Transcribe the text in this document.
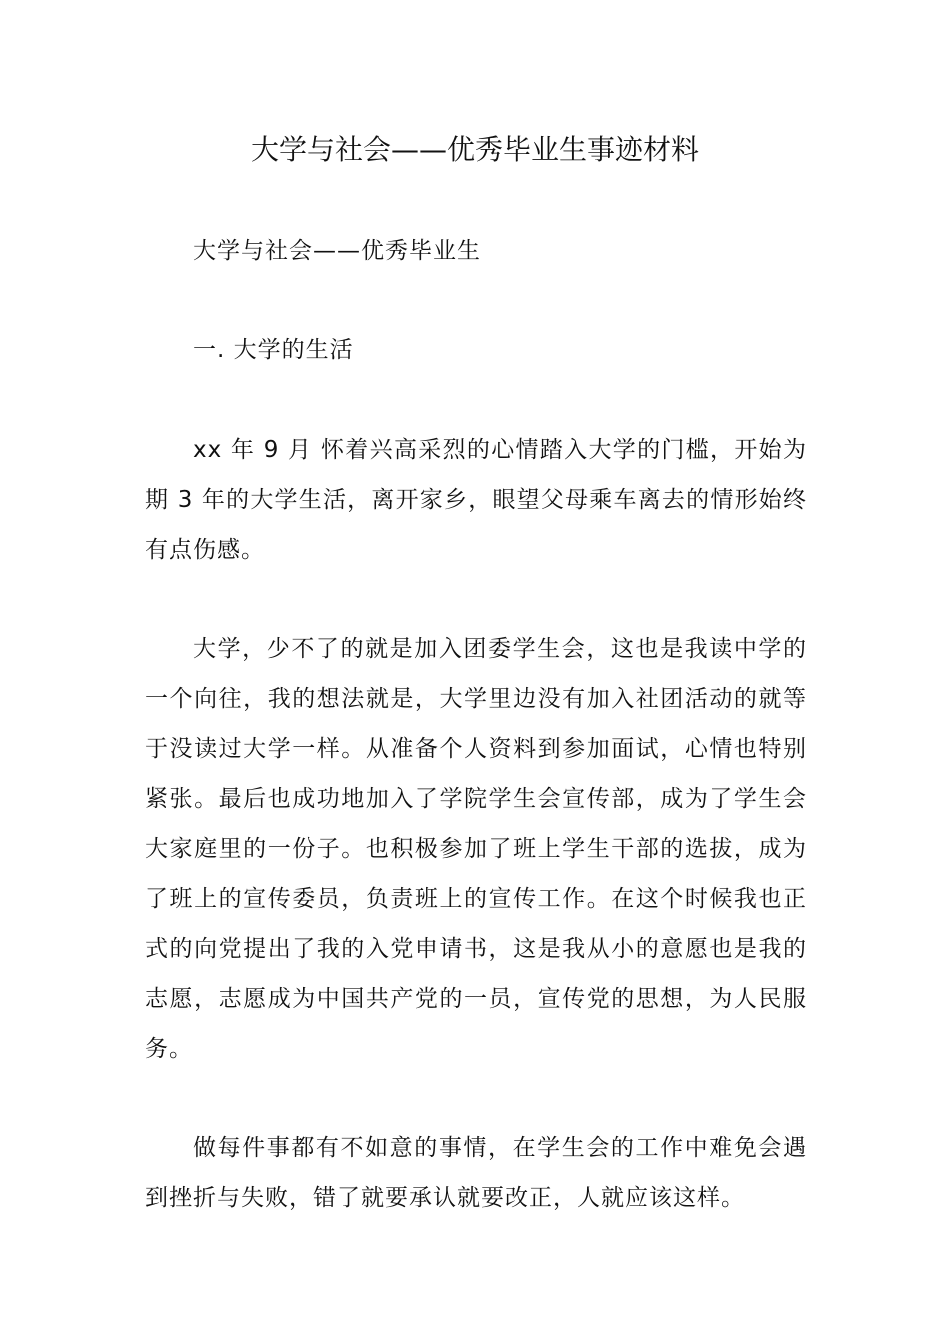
大学与社会——优秀毕业生事迹材料

大学与社会——优秀毕业生

一. 大学的生活

xx 年 9 月 怀着兴高采烈的心情踏入大学的门槛，开始为期 3 年的大学生活，离开家乡，眼望父母乘车离去的情形始终有点伤感。

大学，少不了的就是加入团委学生会，这也是我读中学的一个向往，我的想法就是，大学里边没有加入社团活动的就等于没读过大学一样。从准备个人资料到参加面试，心情也特别紧张。最后也成功地加入了学院学生会宣传部，成为了学生会大家庭里的一份子。也积极参加了班上学生干部的选拔，成为了班上的宣传委员，负责班上的宣传工作。在这个时候我也正式的向党提出了我的入党申请书，这是我从小的意愿也是我的志愿，志愿成为中国共产党的一员，宣传党的思想，为人民服务。

做每件事都有不如意的事情，在学生会的工作中难免会遇到挫折与失败，错了就要承认就要改正，人就应该这样。
